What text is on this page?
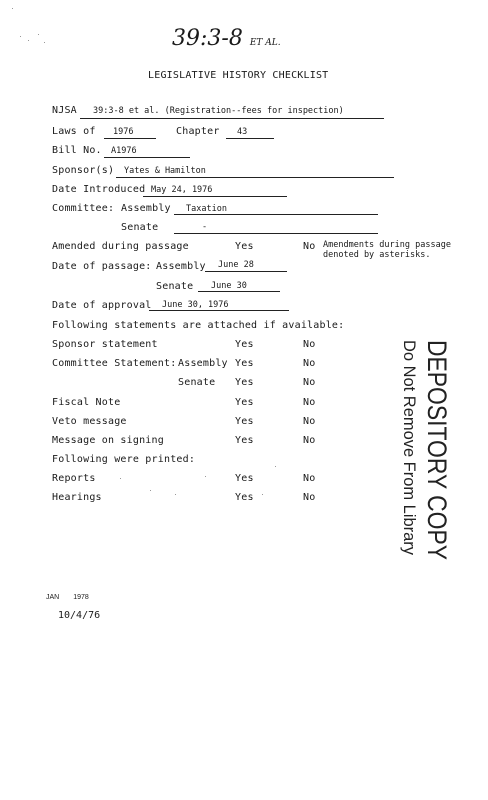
39:3-8 ET AL.
LEGISLATIVE HISTORY CHECKLIST
NJSA 39:3-8 et al. (Registration--fees for inspection)
Laws of 1976	Chapter 43
Bill No. A1976
Sponsor(s) Yates & Hamilton
Date Introduced May 24, 1976
Committee: Assembly Taxation
Senate	-
Amended during passage	Yes	No Amendments during passage
denoted by asterisks.
Date of passage: Assembly June 28
Senate June 30
Date of approval June 30, 1976
Following statements are attached if available:
Sponsor statement	Yes	No
Committee Statement: Assembly Yes	No
Senate Yes	No
Fiscal Note	Yes	No
Veto message	Yes	No
Message on signing	Yes	No
Following were printed:
Reports	Yes	No
Hearings	Yes	No	DEPOSITORY COPY
Do Not Remove From Library
JAN 1978
10/4/76
